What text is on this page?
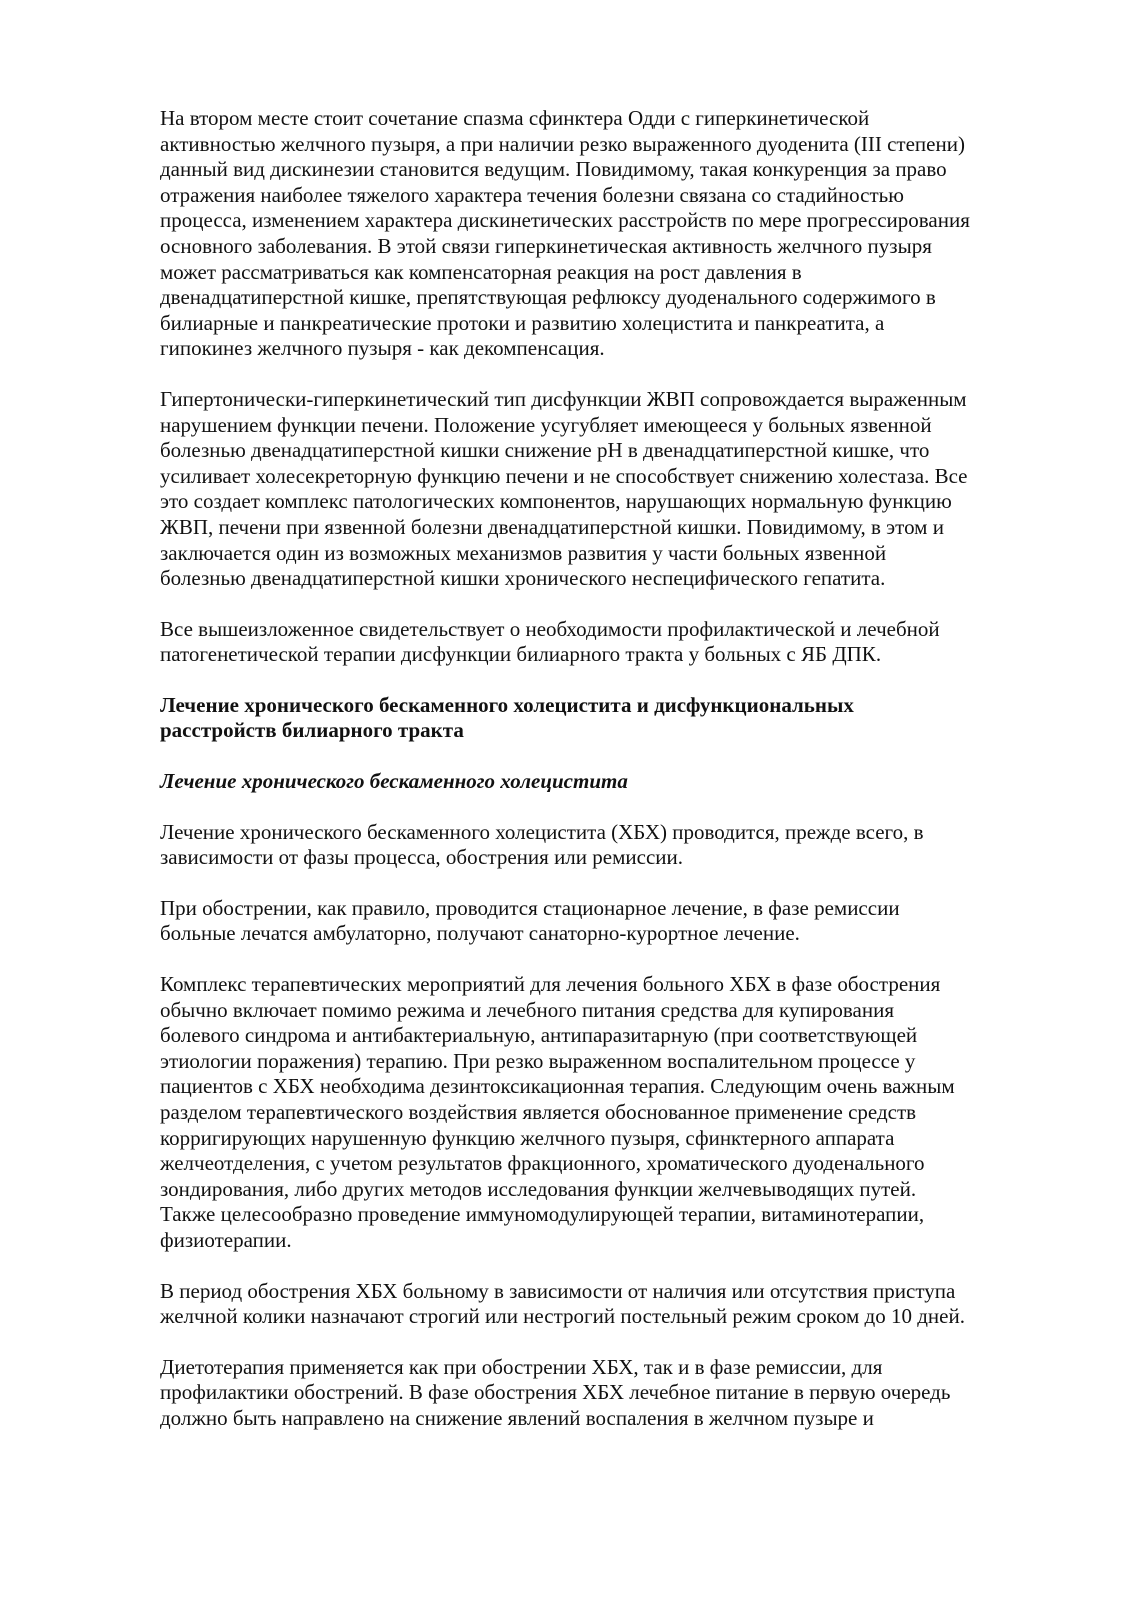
На втором месте стоит сочетание спазма сфинктера Одди с гиперкинетической
активностью желчного пузыря, а при наличии резко выраженного дуоденита (III степени)
данный вид дискинезии становится ведущим. Повидимому, такая конкуренция за право
отражения наиболее тяжелого характера течения болезни связана со стадийностью
процесса, изменением характера дискинетических расстройств по мере прогрессирования
основного заболевания. В этой связи гиперкинетическая активность желчного пузыря
может рассматриваться как компенсаторная реакция на рост давления в
двенадцатиперстной кишке, препятствующая рефлюксу дуоденального содержимого в
билиарные и панкреатические протоки и развитию холецистита и панкреатита, а
гипокинез желчного пузыря - как декомпенсация.
Гипертонически-гиперкинетический тип дисфункции ЖВП сопровождается выраженным
нарушением функции печени. Положение усугубляет имеющееся у больных язвенной
болезнью двенадцатиперстной кишки снижение рН в двенадцатиперстной кишке, что
усиливает холесекреторную функцию печени и не способствует снижению холестаза. Все
это создает комплекс патологических компонентов, нарушающих нормальную функцию
ЖВП, печени при язвенной болезни двенадцатиперстной кишки. Повидимому, в этом и
заключается один из возможных механизмов развития у части больных язвенной
болезнью двенадцатиперстной кишки хронического неспецифического гепатита.
Все вышеизложенное свидетельствует о необходимости профилактической и лечебной
патогенетической терапии дисфункции билиарного тракта у больных с ЯБ ДПК.
Лечение хронического бескаменного холецистита и дисфункциональных
расстройств билиарного тракта
Лечение хронического бескаменного холецистита
Лечение хронического бескаменного холецистита (ХБХ) проводится, прежде всего, в
зависимости от фазы процесса, обострения или ремиссии.
При обострении, как правило, проводится стационарное лечение, в фазе ремиссии
больные лечатся амбулаторно, получают санаторно-курортное лечение.
Комплекс терапевтических мероприятий для лечения больного ХБХ в фазе обострения
обычно включает помимо режима и лечебного питания средства для купирования
болевого синдрома и антибактериальную, антипаразитарную (при соответствующей
этиологии поражения) терапию. При резко выраженном воспалительном процессе у
пациентов с ХБХ необходима дезинтоксикационная терапия. Следующим очень важным
разделом терапевтического воздействия является обоснованное применение средств
корригирующих нарушенную функцию желчного пузыря, сфинктерного аппарата
желчеотделения, с учетом результатов фракционного, хроматического дуоденального
зондирования, либо других методов исследования функции желчевыводящих путей.
Также целесообразно проведение иммуномодулирующей терапии, витаминотерапии,
физиотерапии.
В период обострения ХБХ больному в зависимости от наличия или отсутствия приступа
желчной колики назначают строгий или нестрогий постельный режим сроком до 10 дней.
Диетотерапия применяется как при обострении ХБХ, так и в фазе ремиссии, для
профилактики обострений. В фазе обострения ХБХ лечебное питание в первую очередь
должно быть направлено на снижение явлений воспаления в желчном пузыре и
